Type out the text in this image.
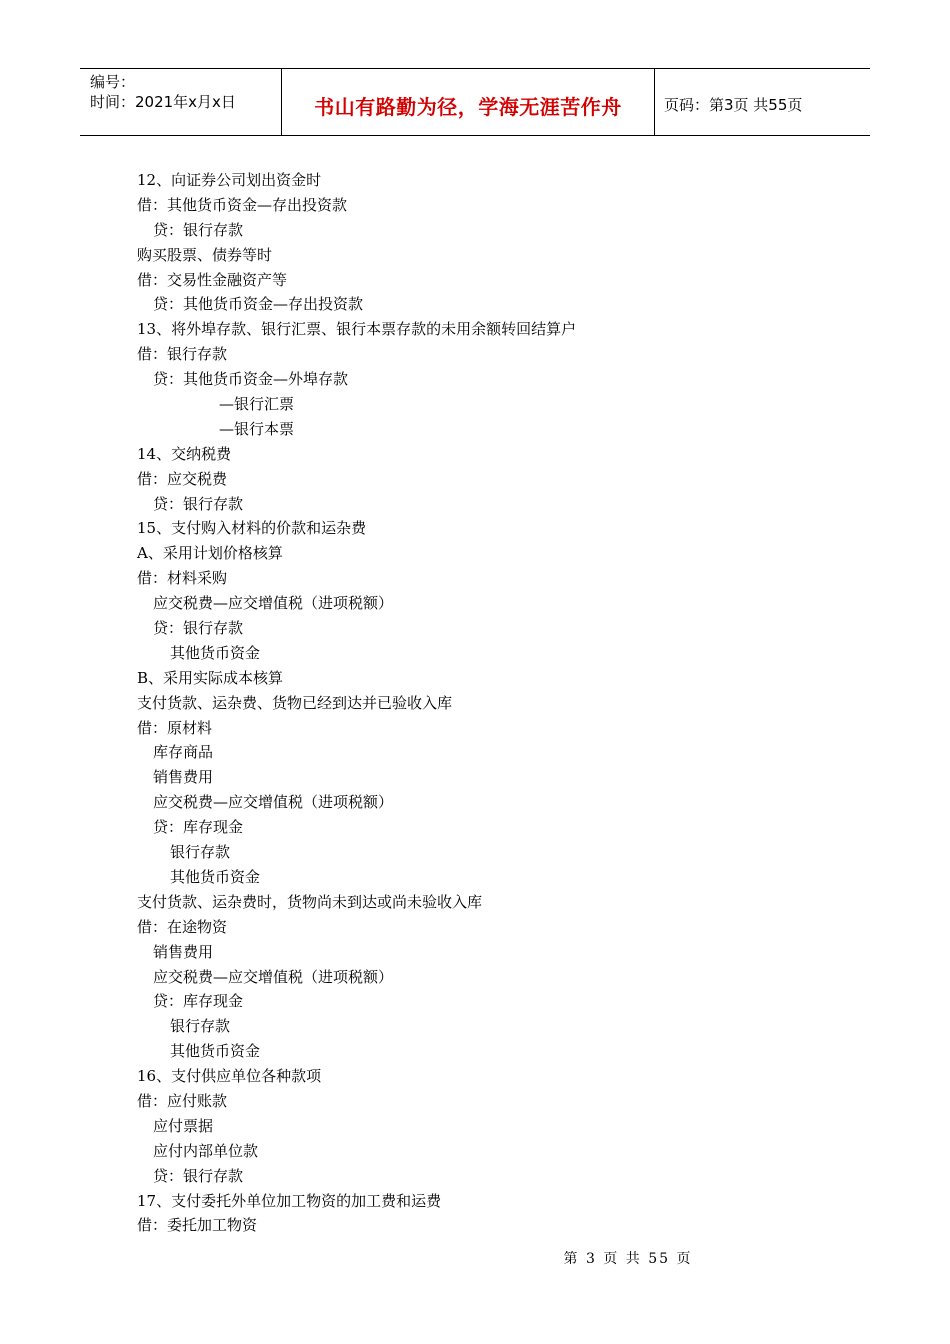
编号：
时间：2021年x月x日	书山有路勤为径，学海无涯苦作舟	页码：第3页 共55页
12、向证券公司划出资金时
借：其他货币资金—存出投资款
贷：银行存款
购买股票、债券等时
借：交易性金融资产等
贷：其他货币资金—存出投资款
13、将外埠存款、银行汇票、银行本票存款的未用余额转回结算户
借：银行存款
贷：其他货币资金—外埠存款
—银行汇票
—银行本票
14、交纳税费
借：应交税费
贷：银行存款
15、支付购入材料的价款和运杂费
A、采用计划价格核算
借：材料采购
应交税费—应交增值税（进项税额）
贷：银行存款
其他货币资金
B、采用实际成本核算
支付货款、运杂费、货物已经到达并已验收入库
借：原材料
库存商品
销售费用
应交税费—应交增值税（进项税额）
贷：库存现金
银行存款
其他货币资金
支付货款、运杂费时，货物尚未到达或尚未验收入库
借：在途物资
销售费用
应交税费—应交增值税（进项税额）
贷：库存现金
银行存款
其他货币资金
16、支付供应单位各种款项
借：应付账款
应付票据
应付内部单位款
贷：银行存款
17、支付委托外单位加工物资的加工费和运费
借：委托加工物资
第 3 页 共 55 页
